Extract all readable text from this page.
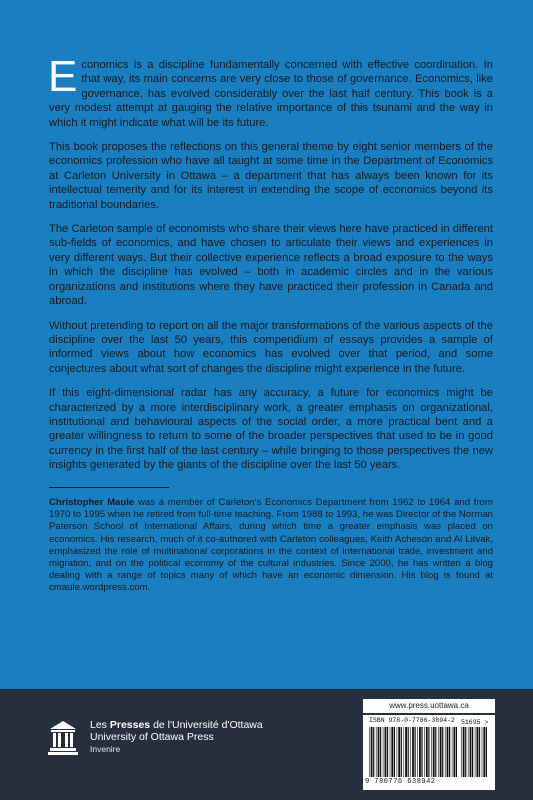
Economics is a discipline fundamentally concerned with effective coordination. In that way, its main concerns are very close to those of governance. Economics, like governance, has evolved considerably over the last half century. This book is a very modest attempt at gauging the relative importance of this tsunami and the way in which it might indicate what will be its future.

This book proposes the reflections on this general theme by eight senior members of the economics profession who have all taught at some time in the Department of Economics at Carleton University in Ottawa – a department that has always been known for its intellectual temerity and for its interest in extending the scope of economics beyond its traditional boundaries.

The Carleton sample of economists who share their views here have practiced in different sub-fields of economics, and have chosen to articulate their views and experiences in very different ways. But their collective experience reflects a broad exposure to the ways in which the discipline has evolved – both in academic circles and in the various organizations and institutions where they have practiced their profession in Canada and abroad.

Without pretending to report on all the major transformations of the various aspects of the discipline over the last 50 years, this compendium of essays provides a sample of informed views about how economics has evolved over that period, and some conjectures about what sort of changes the discipline might experience in the future.

If this eight-dimensional radar has any accuracy, a future for economics might be characterized by a more interdisciplinary work, a greater emphasis on organizational, institutional and behavioural aspects of the social order, a more practical bent and a greater willingness to return to some of the broader perspectives that used to be in good currency in the first half of the last century – while bringing to those perspectives the new insights generated by the giants of the discipline over the last 50 years.

Christopher Maule was a member of Carleton's Economics Department from 1962 to 1964 and from 1970 to 1995 when he retired from full-time teaching. From 1988 to 1993, he was Director of the Norman Paterson School of International Affairs, during which time a greater emphasis was placed on economics. His research, much of it co-authored with Carleton colleagues, Keith Acheson and Al Litvak, emphasized the role of multinational corporations in the context of international trade, investment and migration, and on the political economy of the cultural industries. Since 2000, he has written a blog dealing with a range of topics many of which have an economic dimension. His blog is found at cmaule.wordpress.com.

Les Presses de l'Université d'Ottawa
University of Ottawa Press
Invenire
www.press.uottawa.ca
ISBN 978-0-7766-3894-2 51695 >
9 780776 638942
